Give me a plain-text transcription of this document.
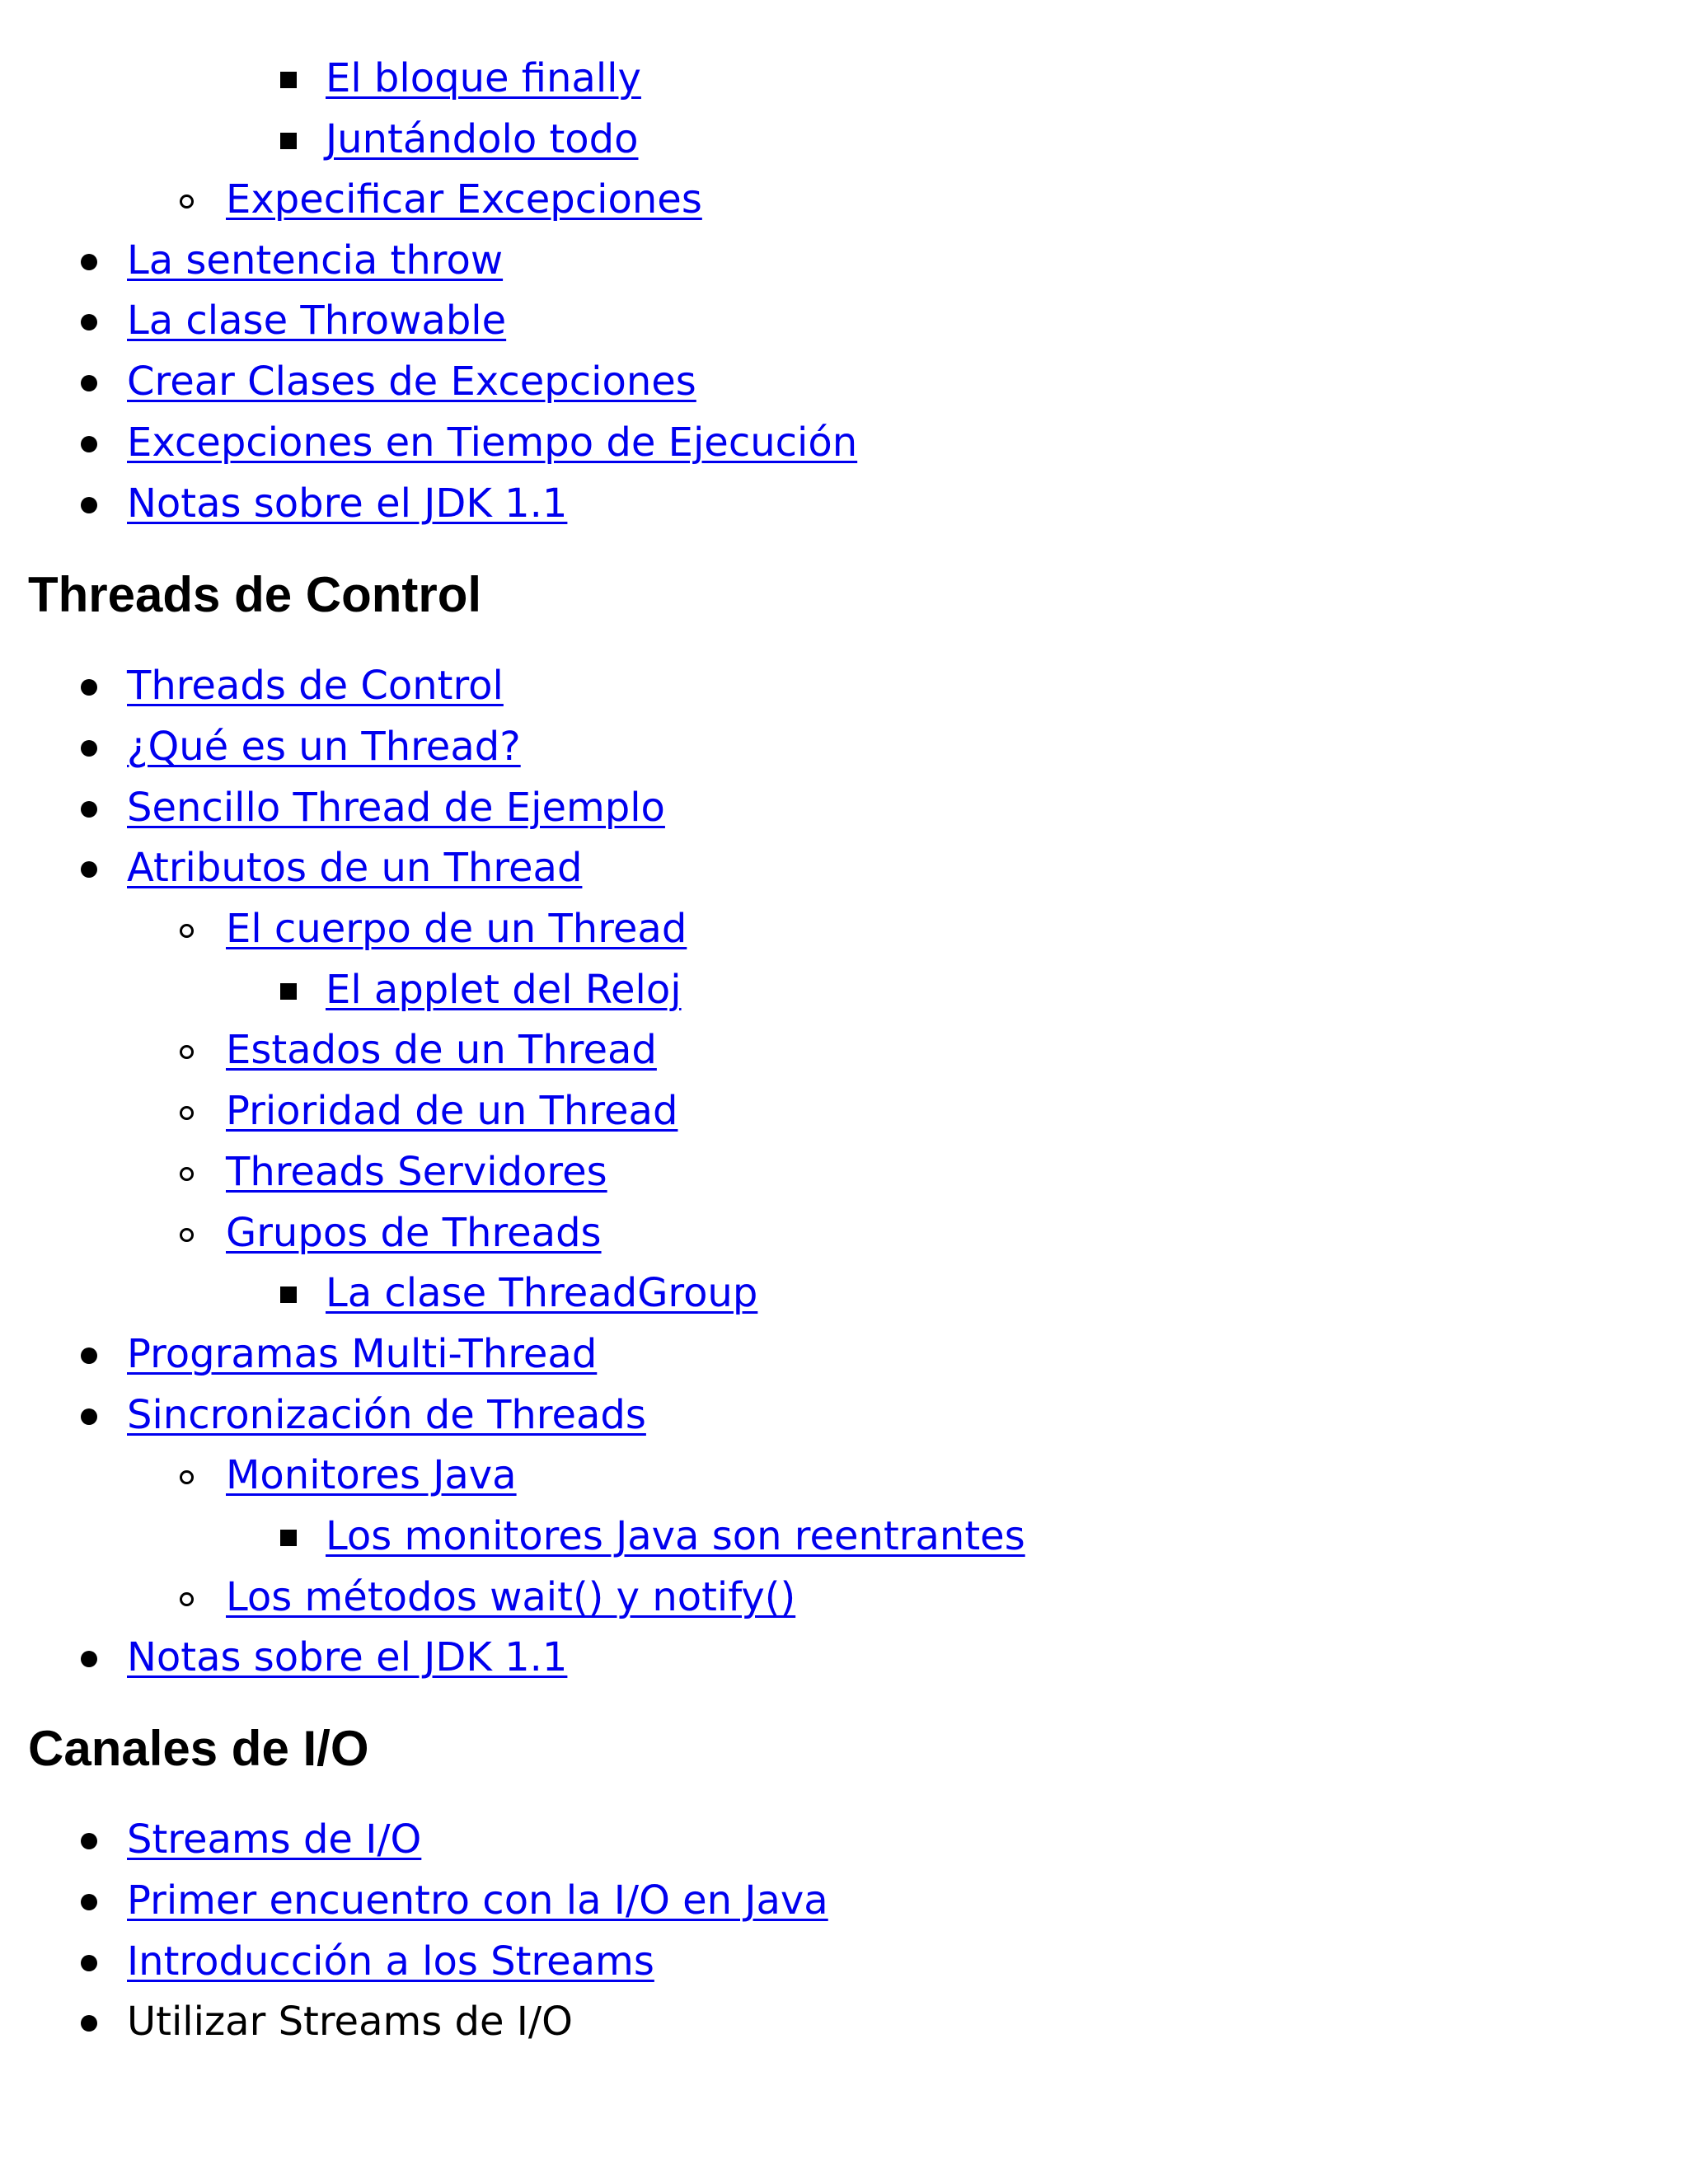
El bloque finally
Juntándolo todo
Expecificar Excepciones
La sentencia throw
La clase Throwable
Crear Clases de Excepciones
Excepciones en Tiempo de Ejecución
Notas sobre el JDK 1.1
Threads de Control
Threads de Control
¿Qué es un Thread?
Sencillo Thread de Ejemplo
Atributos de un Thread
El cuerpo de un Thread
El applet del Reloj
Estados de un Thread
Prioridad de un Thread
Threads Servidores
Grupos de Threads
La clase ThreadGroup
Programas Multi-Thread
Sincronización de Threads
Monitores Java
Los monitores Java son reentrantes
Los métodos wait() y notify()
Notas sobre el JDK 1.1
Canales de I/O
Streams de I/O
Primer encuentro con la I/O en Java
Introducción a los Streams
Utilizar Streams de I/O
